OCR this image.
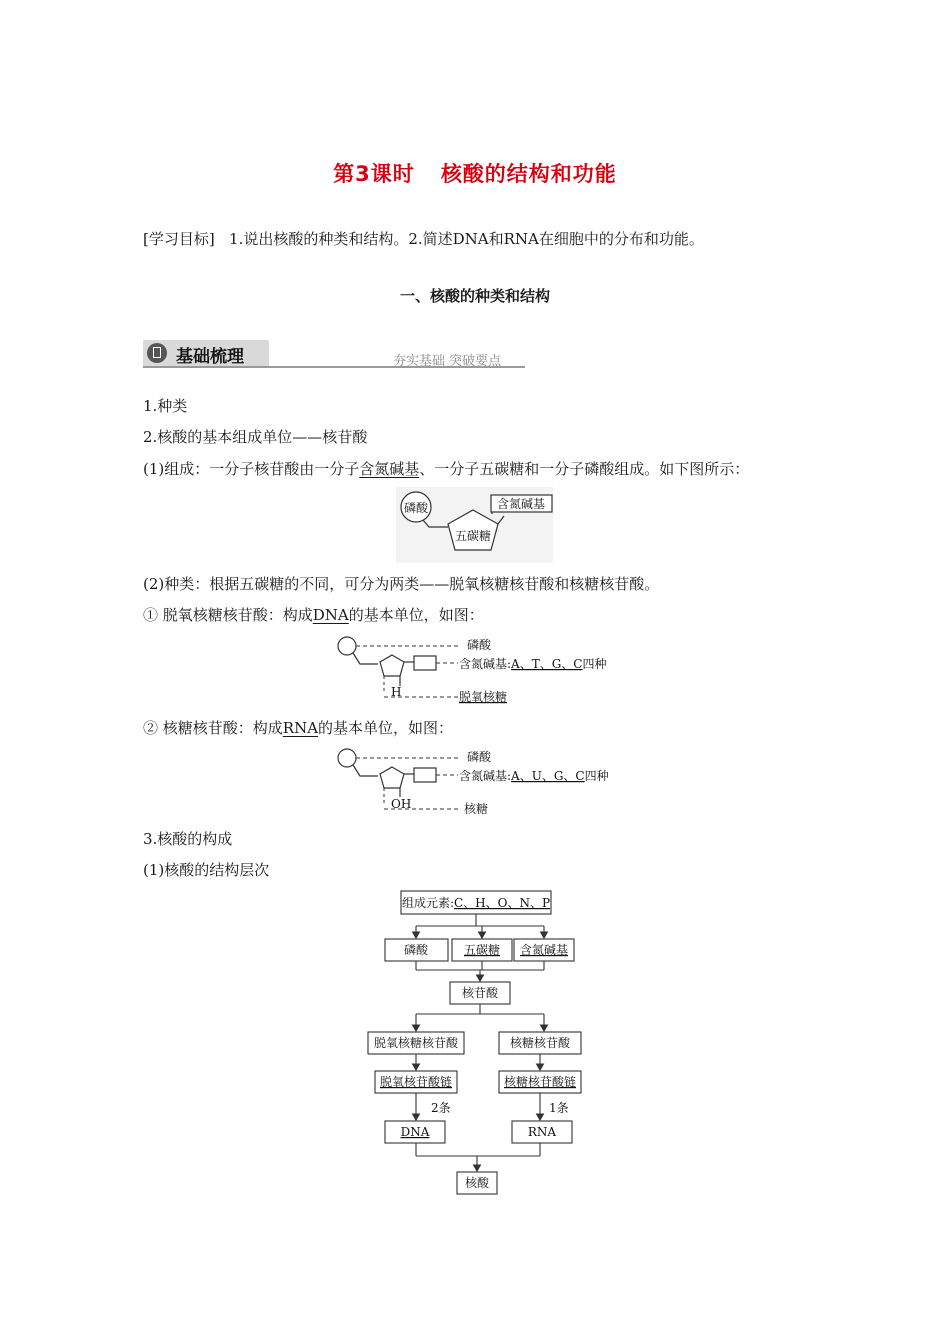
第3课时 核酸的结构和功能
[学习目标] 1.说出核酸的种类和结构。2.简述DNA和RNA在细胞中的分布和功能。
一、核酸的种类和结构
基础梳理	夯实基础 突破要点
1.种类
2.核酸的基本组成单位——核苷酸
(1)组成：一分子核苷酸由一分子含氮碱基、一分子五碳糖和一分子磷酸组成。如下图所示：
磷酸	含氮碱基
五碳糖
(2)种类：根据五碳糖的不同，可分为两类——脱氧核糖核苷酸和核糖核苷酸。
① 脱氧核糖核苷酸：构成DNA的基本单位，如图：
磷酸
含氮碱基:A、T、G、C四种
H	脱氧核糖
② 核糖核苷酸：构成RNA的基本单位，如图：
磷酸
含氮碱基:A、U、G、C四种
OH	核糖
3.核酸的构成
(1)核酸的结构层次
组成元素:C、H、O、N、P
磷酸	五碳糖 含氮碱基
核苷酸
脱氧核糖核苷酸	核糖核苷酸
脱氧核苷酸链	核糖核苷酸链
2条	1条
DNA	RNA
核酸
